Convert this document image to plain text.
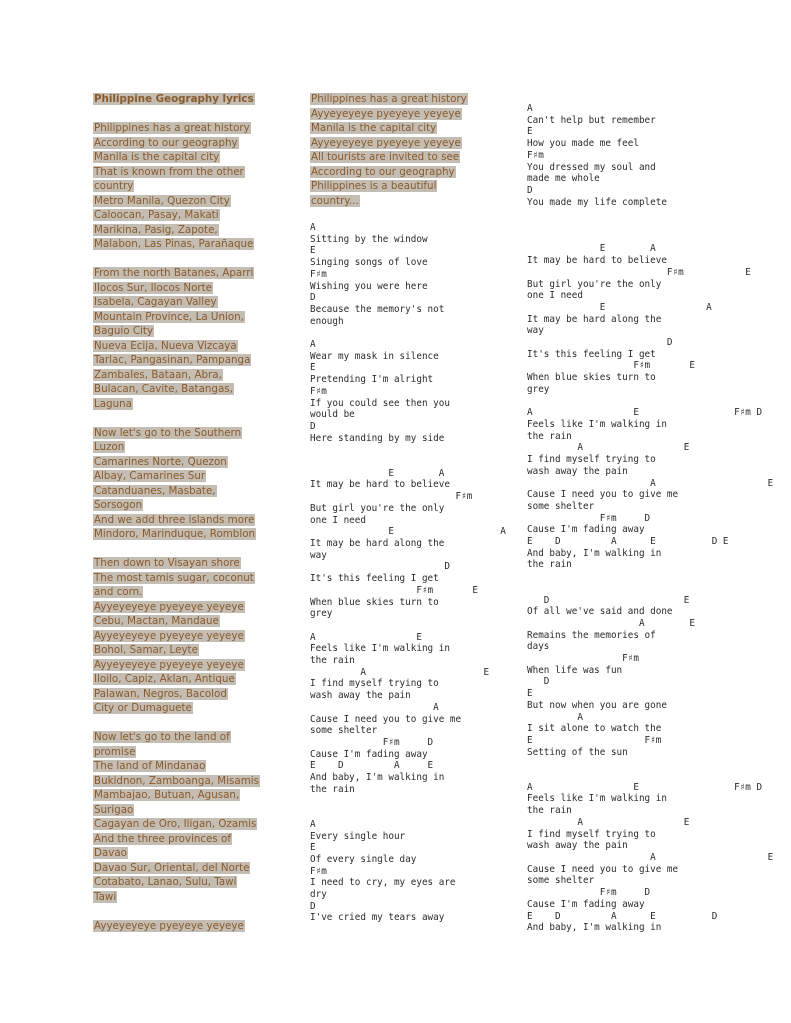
Philippine Geography lyrics
Philippines has a great history
According to our geography
Manila is the capital city
That is known from the other
country
Metro Manila, Quezon City
Caloocan, Pasay, Makati
Marikina, Pasig, Zapote,
Malabon, Las Pinas, Parañaque
From the north Batanes, Aparri
Ilocos Sur, Ilocos Norte
Isabela, Cagayan Valley
Mountain Province, La Union,
Baguio City
Nueva Ecija, Nueva Vizcaya
Tarlac, Pangasinan, Pampanga
Zambales, Bataan, Abra,
Bulacan, Cavite, Batangas,
Laguna
Now let's go to the Southern
Luzon
Camarines Norte, Quezon
Albay, Camarines Sur
Catanduanes, Masbate,
Sorsogon
And we add three islands more
Mindoro, Marinduque, Romblon
Then down to Visayan shore
The most tamis sugar, coconut
and corn.
Ayyeyeyeye pyeyeye yeyeye
Cebu, Mactan, Mandaue
Ayyeyeyeye pyeyeye yeyeye
Bohol, Samar, Leyte
Ayyeyeyeye pyeyeye yeyeye
Iloilo, Capiz, Aklan, Antique
Palawan, Negros, Bacolod
City or Dumaguete
Now let's go to the land of
promise
The land of Mindanao
Bukidnon, Zamboanga, Misamis
Mambajao, Butuan, Agusan,
Surigao
Cagayan de Oro, Iligan, Ozamis
And the three provinces of
Davao
Davao Sur, Oriental, del Norte
Cotabato, Lanao, Sulu, Tawi
Tawi
Ayyeyeyeye pyeyeye yeyeye
Philippines has a great history
Ayyeyeyeye pyeyeye yeyeye
Manila is the capital city
Ayyeyeyeye pyeyeye yeyeye
All tourists are invited to see
According to our geography
Philippines is a beautiful
country...
A
Sitting by the window
E
Singing songs of love
F♯m
Wishing you were here
D
Because the memory's not
enough

A
Wear my mask in silence
E
Pretending I'm alright
F♯m
If you could see then you
would be
D
Here standing by my side

E        A
It may be hard to believe
F♯m
But girl you're the only
one I need
E                   A
It may be hard along the
way
D
It's this feeling I get
F♯m       E
When blue skies turn to
grey

A                  E
Feels like I'm walking in
the rain
A                     E
I find myself trying to
wash away the pain
A
Cause I need you to give me
some shelter
F♯m     D
Cause I'm fading away
E    D         A     E
And baby, I'm walking in
the rain

A
Every single hour
E
Of every single day
F♯m
I need to cry, my eyes are
dry
D
I've cried my tears away
A
Can't help but remember
E
How you made me feel
F♯m
You dressed my soul and
made me whole
D
You made my life complete

E        A
It may be hard to believe
F♯m           E
But girl you're the only
one I need
E                  A
It may be hard along the
way
D
It's this feeling I get
F♯m       E
When blue skies turn to
grey

A                  E                 F♯m D
Feels like I'm walking in
the rain
A                  E
I find myself trying to
wash away the pain
A                    E
Cause I need you to give me
some shelter
F♯m     D
Cause I'm fading away
E    D         A      E          D E
And baby, I'm walking in
the rain

D                        E
Of all we've said and done
A        E
Remains the memories of
days
F♯m
When life was fun
D
E
But now when you are gone
A
I sit alone to watch the
E                    F♯m
Setting of the sun

A                  E                 F♯m D
Feels like I'm walking in
the rain
A                  E
I find myself trying to
wash away the pain
A                    E
Cause I need you to give me
some shelter
F♯m     D
Cause I'm fading away
E    D         A      E          D
And baby, I'm walking in
